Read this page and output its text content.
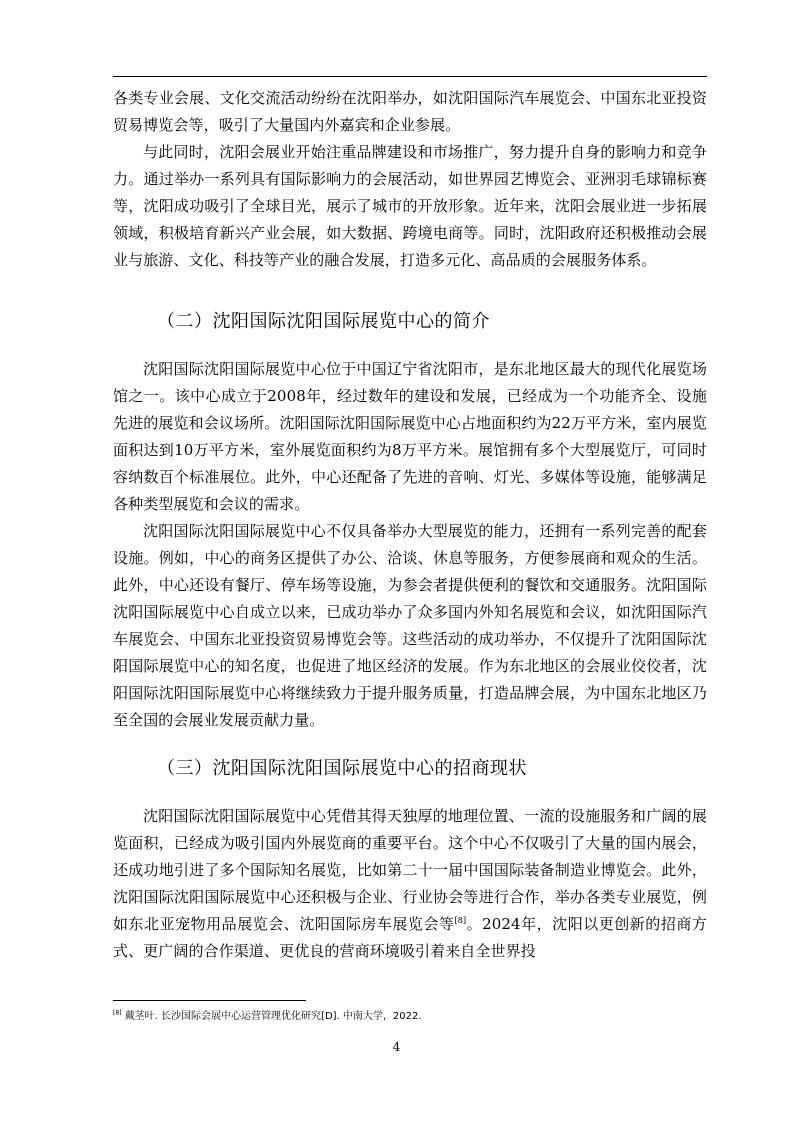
各类专业会展、文化交流活动纷纷在沈阳举办，如沈阳国际汽车展览会、中国东北亚投资贸易博览会等，吸引了大量国内外嘉宾和企业参展。

与此同时，沈阳会展业开始注重品牌建设和市场推广，努力提升自身的影响力和竞争力。通过举办一系列具有国际影响力的会展活动，如世界园艺博览会、亚洲羽毛球锦标赛等，沈阳成功吸引了全球目光，展示了城市的开放形象。近年来，沈阳会展业进一步拓展领域，积极培育新兴产业会展，如大数据、跨境电商等。同时，沈阳政府还积极推动会展业与旅游、文化、科技等产业的融合发展，打造多元化、高品质的会展服务体系。

（二）沈阳国际沈阳国际展览中心的简介

沈阳国际沈阳国际展览中心位于中国辽宁省沈阳市，是东北地区最大的现代化展览场馆之一。该中心成立于2008年，经过数年的建设和发展，已经成为一个功能齐全、设施先进的展览和会议场所。沈阳国际沈阳国际展览中心占地面积约为22万平方米，室内展览面积达到10万平方米，室外展览面积约为8万平方米。展馆拥有多个大型展览厅，可同时容纳数百个标准展位。此外，中心还配备了先进的音响、灯光、多媒体等设施，能够满足各种类型展览和会议的需求。

沈阳国际沈阳国际展览中心不仅具备举办大型展览的能力，还拥有一系列完善的配套设施。例如，中心的商务区提供了办公、洽谈、休息等服务，方便参展商和观众的生活。此外，中心还设有餐厅、停车场等设施，为参会者提供便利的餐饮和交通服务。沈阳国际沈阳国际展览中心自成立以来，已成功举办了众多国内外知名展览和会议，如沈阳国际汽车展览会、中国东北亚投资贸易博览会等。这些活动的成功举办，不仅提升了沈阳国际沈阳国际展览中心的知名度，也促进了地区经济的发展。作为东北地区的会展业佼佼者，沈阳国际沈阳国际展览中心将继续致力于提升服务质量，打造品牌会展，为中国东北地区乃至全国的会展业发展贡献力量。

（三）沈阳国际沈阳国际展览中心的招商现状

沈阳国际沈阳国际展览中心凭借其得天独厚的地理位置、一流的设施服务和广阔的展览面积，已经成为吸引国内外展览商的重要平台。这个中心不仅吸引了大量的国内展会，还成功地引进了多个国际知名展览，比如第二十一届中国国际装备制造业博览会。此外，沈阳国际沈阳国际展览中心还积极与企业、行业协会等进行合作，举办各类专业展览，例如东北亚宠物用品展览会、沈阳国际房车展览会等[8]。2024年，沈阳以更创新的招商方式、更广阔的合作渠道、更优良的营商环境吸引着来自全世界投

[8] 戴茎叶. 长沙国际会展中心运营管理优化研究[D]. 中南大学，2022.
4
